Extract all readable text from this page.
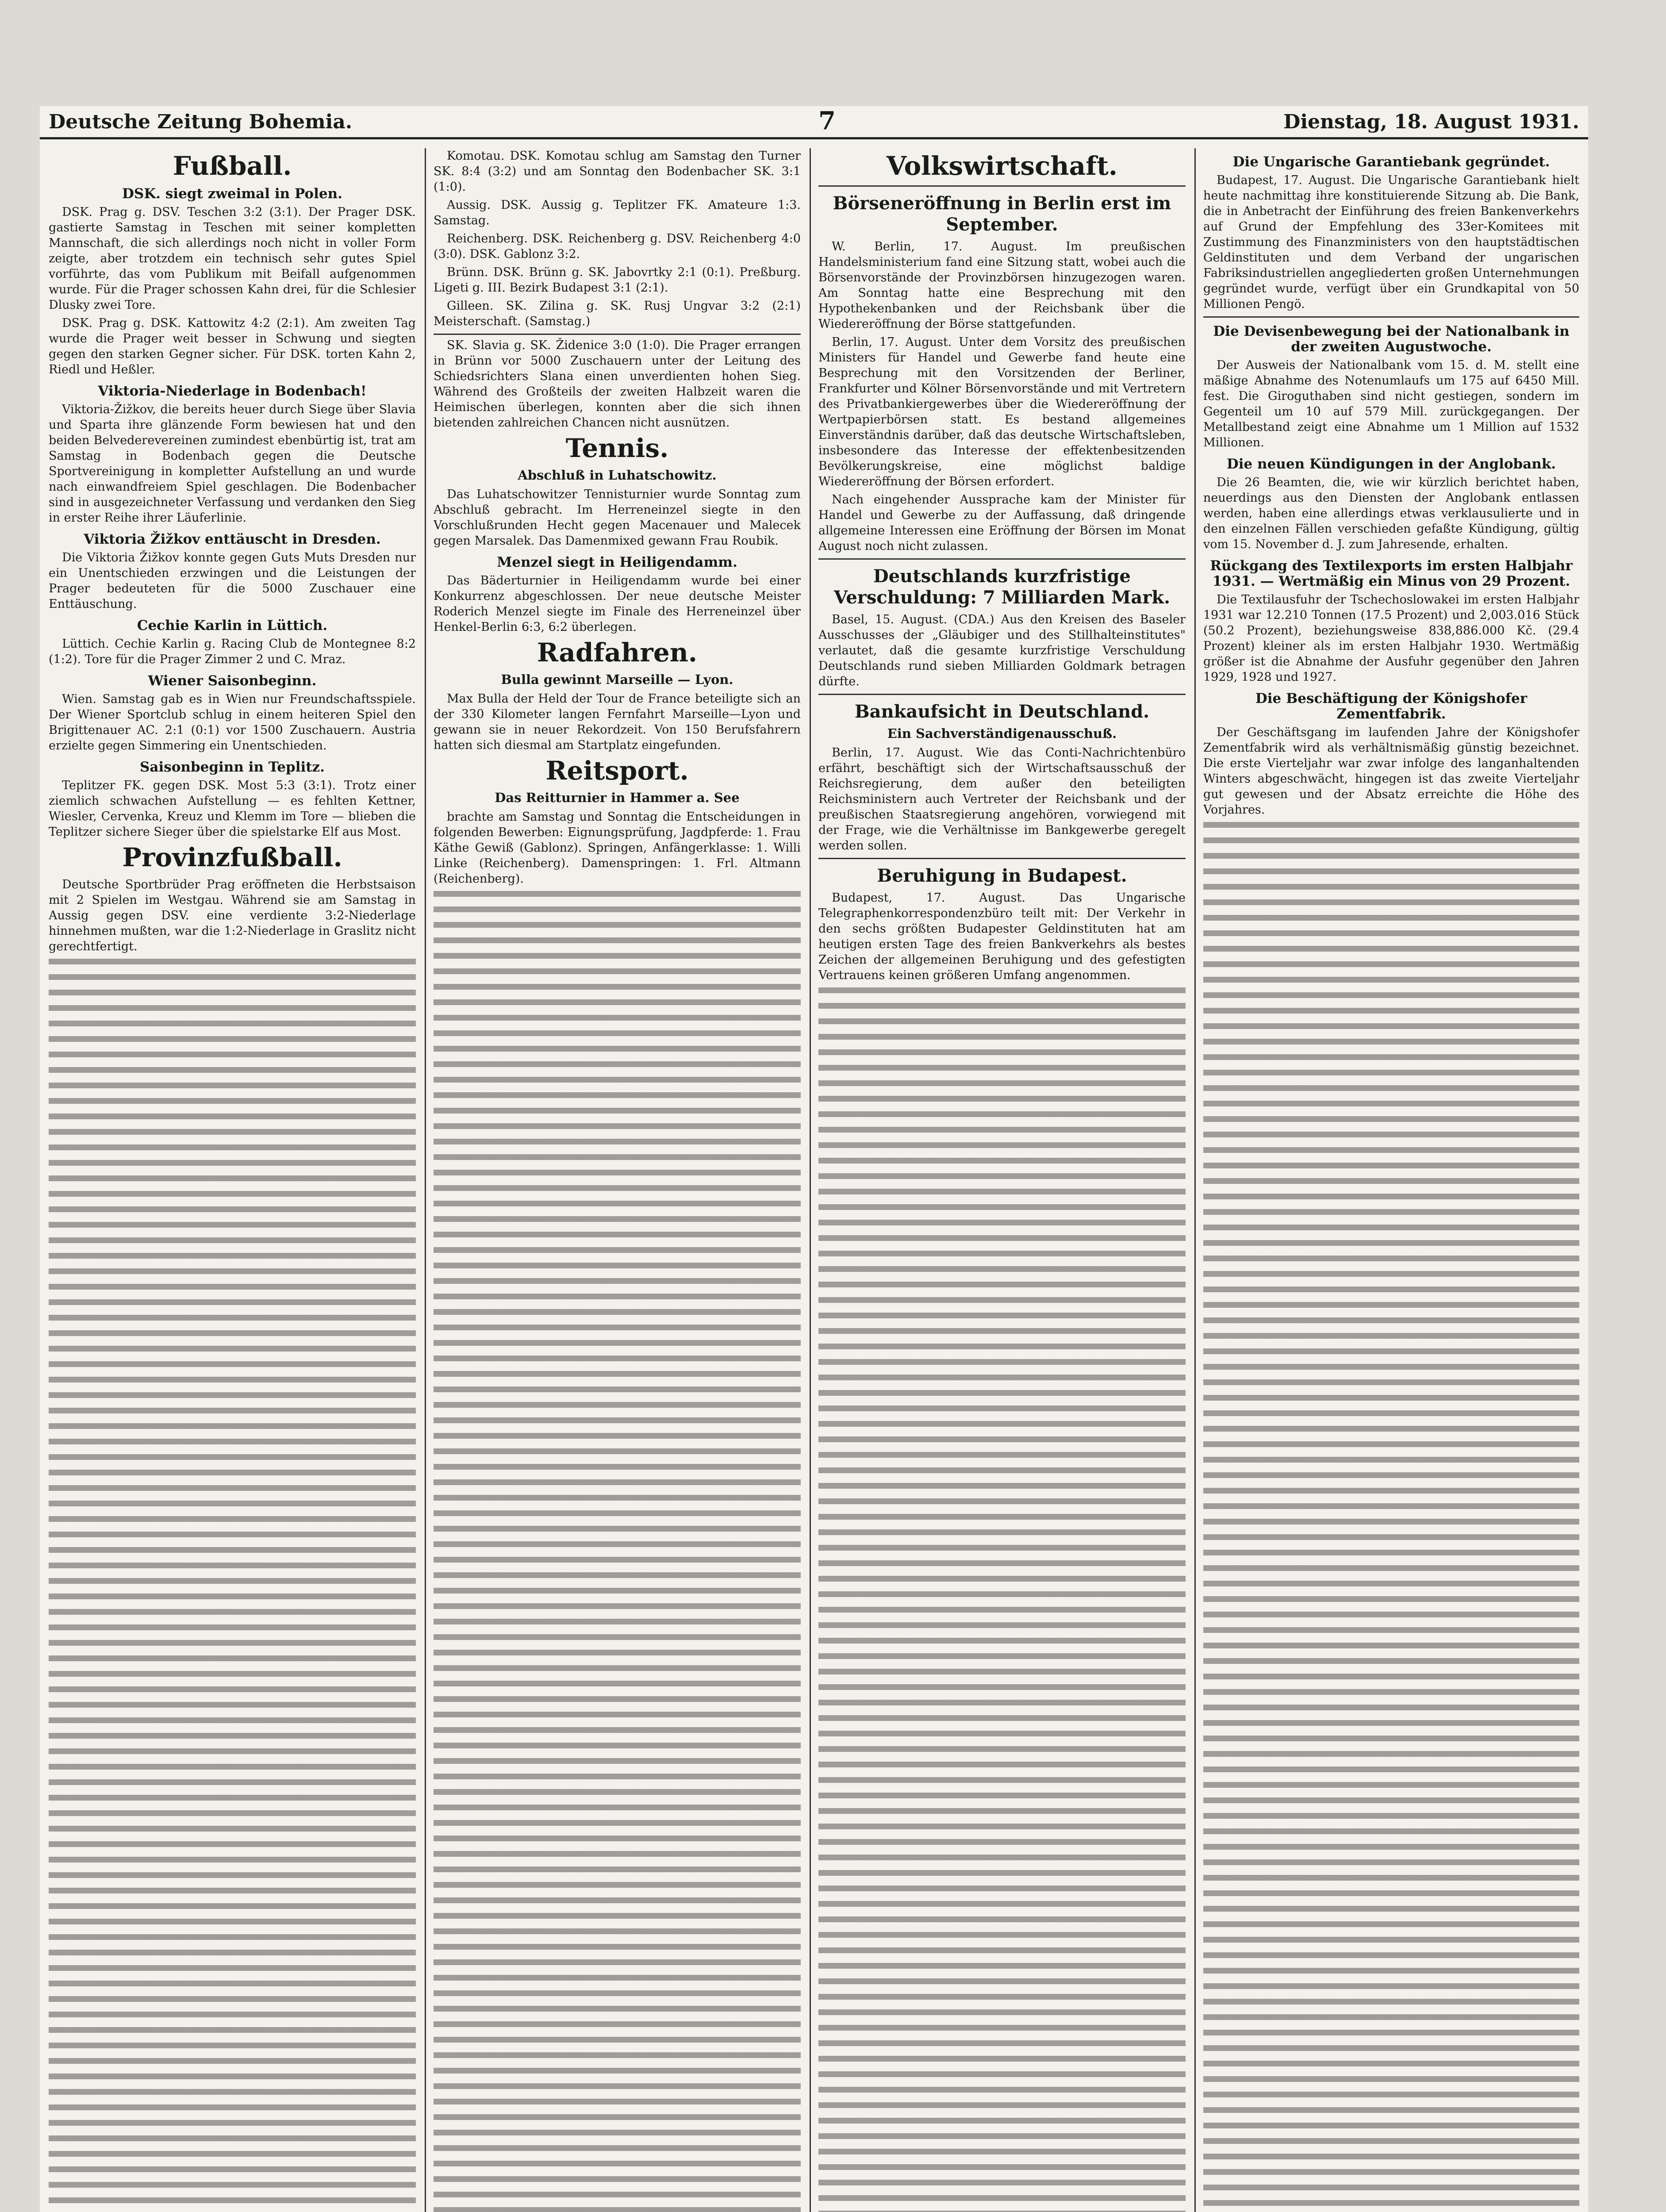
Deutsche Zeitung Bohemia.	7	Dienstag, 18. August 1931.
Fußball.
DSK. siegt zweimal in Polen.

DSK. Prag g. DSV. Teschen 3:2 (3:1). Der Prager DSK. gastierte Samstag in Teschen mit seiner kompletten Mannschaft, die sich allerdings noch nicht in voller Form zeigte, aber trotzdem ein technisch sehr gutes Spiel vorführte, das vom Publikum mit Beifall aufgenommen wurde. Für die Prager schossen Kahn drei, für die Schlesier Dlusky zwei Tore.

DSK. Prag g. DSK. Kattowitz 4:2 (2:1). Am zweiten Tag wurde die Prager weit besser in Schwung und siegten gegen den starken Gegner sicher. Für DSK. torten Kahn 2, Riedl und Heßler.

Viktoria-Niederlage in Bodenbach!

Viktoria-Žižkov, die bereits heuer durch Siege über Slavia und Sparta ihre glänzende Form bewiesen hat und den beiden Belvederevereinen zumindest ebenbürtig ist, trat am Samstag in Bodenbach gegen die Deutsche Sportvereinigung in kompletter Aufstellung an und wurde nach einwandfreiem Spiel geschlagen. Die Bodenbacher sind in ausgezeichneter Verfassung und verdanken den Sieg in erster Reihe ihrer Läuferlinie.

Viktoria Žižkov enttäuscht in Dresden.

Die Viktoria Žižkov konnte gegen Guts Muts Dresden nur ein Unentschieden erzwingen und die Leistungen der Prager bedeuteten für die 5000 Zuschauer eine Enttäuschung.

Cechie Karlin in Lüttich.

Lüttich. Cechie Karlin g. Racing Club de Montegnee 8:2 (1:2). Tore für die Prager Zimmer 2 und C. Mraz.

Wiener Saisonbeginn.

Wien. Samstag gab es in Wien nur Freundschaftsspiele. Der Wiener Sportclub schlug in einem heiteren Spiel den Brigittenauer AC. 2:1 (0:1) vor 1500 Zuschauern. Austria erzielte gegen Simmering ein Unentschieden.

Saisonbeginn in Teplitz.

Teplitzer FK. gegen DSK. Most 5:3 (3:1). Trotz einer ziemlich schwachen Aufstellung — es fehlten Kettner, Wiesler, Cervenka, Kreuz und Klemm im Tore — blieben die Teplitzer sichere Sieger über die spielstarke Elf aus Most.

Provinzfußball.

Deutsche Sportbrüder Prag eröffneten die Herbstsaison mit 2 Spielen im Westgau. Während sie am Samstag in Aussig gegen DSV. eine verdiente 3:2-Niederlage hinnehmen mußten, war die 1:2-Niederlage in Graslitz nicht gerechtfertigt.

Komotau. DSK. Komotau schlug am Samstag den Turner SK. 8:4 (3:2) und am Sonntag den Bodenbacher SK. 3:1 (1:0).

Aussig. DSK. Aussig g. Teplitzer FK. Amateure 1:3. Samstag.

Reichenberg. DSK. Reichenberg g. DSV. Reichenberg 4:0 (3:0). DSK. Gablonz 3:2.

Brünn. DSK. Brünn g. SK. Jabovrtky 2:1 (0:1). Preßburg. Ligeti g. III. Bezirk Budapest 3:1 (2:1).

Gilleen. SK. Zilina g. SK. Rusj Ungvar 3:2 (2:1) Meisterschaft. (Samstag.)

SK. Slavia g. SK. Židenice 3:0 (1:0). Die Prager errangen in Brünn vor 5000 Zuschauern unter der Leitung des Schiedsrichters Slana einen unverdienten hohen Sieg. Während des Großteils der zweiten Halbzeit waren die Heimischen überlegen, konnten aber die sich ihnen bietenden zahlreichen Chancen nicht ausnützen.

Tennis.
Abschluß in Luhatschowitz.

Das Luhatschowitzer Tennisturnier wurde Sonntag zum Abschluß gebracht. Im Herreneinzel siegte in den Vorschlußrunden Hecht gegen Macenauer und Malecek gegen Marsalek. Das Damenmixed gewann Frau Roubik.

Menzel siegt in Heiligendamm.

Das Bäderturnier in Heiligendamm wurde bei einer Konkurrenz abgeschlossen. Der neue deutsche Meister Roderich Menzel siegte im Finale des Herreneinzel über Henkel-Berlin 6:3, 6:2 überlegen.

Radfahren.
Bulla gewinnt Marseille — Lyon.

Max Bulla der Held der Tour de France beteiligte sich an der 330 Kilometer langen Fernfahrt Marseille—Lyon und gewann sie in neuer Rekordzeit. Von 150 Berufsfahrern hatten sich diesmal am Startplatz eingefunden.

Reitsport.
Das Reitturnier in Hammer a. See

brachte am Samstag und Sonntag die Entscheidungen in folgenden Bewerben: Eignungsprüfung, Jagdpferde: 1. Frau Käthe Gewiß (Gablonz). Springen, Anfängerklasse: 1. Willi Linke (Reichenberg). Damenspringen: 1. Frl. Altmann (Reichenberg).

Volkswirtschaft.
Börseneröffnung in Berlin erst im September.

W. Berlin, 17. August. Im preußischen Handelsministerium fand eine Sitzung statt, wobei auch die Börsenvorstände der Provinzbörsen hinzugezogen waren. Am Sonntag hatte eine Besprechung mit den Hypothekenbanken und der Reichsbank über die Wiedereröffnung der Börse stattgefunden.

Berlin, 17. August. Unter dem Vorsitz des preußischen Ministers für Handel und Gewerbe fand heute eine Besprechung mit den Vorsitzenden der Berliner, Frankfurter und Kölner Börsenvorstände und mit Vertretern des Privatbankiergewerbes über die Wiedereröffnung der Wertpapierbörsen statt. Es bestand allgemeines Einverständnis darüber, daß das deutsche Wirtschaftsleben, insbesondere das Interesse der effektenbesitzenden Bevölkerungskreise, eine möglichst baldige Wiedereröffnung der Börsen erfordert.

Nach eingehender Aussprache kam der Minister für Handel und Gewerbe zu der Auffassung, daß dringende allgemeine Interessen eine Eröffnung der Börsen im Monat August noch nicht zulassen.

Deutschlands kurzfristige Verschuldung: 7 Milliarden Mark.

Basel, 15. August. (CDA.) Aus den Kreisen des Baseler Ausschusses der „Gläubiger und des Stillhalteinstitutes" verlautet, daß die gesamte kurzfristige Verschuldung Deutschlands rund sieben Milliarden Goldmark betragen dürfte.

Bankaufsicht in Deutschland.
Ein Sachverständigenausschuß.

Berlin, 17. August. Wie das Conti-Nachrichtenbüro erfährt, beschäftigt sich der Wirtschaftsausschuß der Reichsregierung, dem außer den beteiligten Reichsministern auch Vertreter der Reichsbank und der preußischen Staatsregierung angehören, vorwiegend mit der Frage, wie die Verhältnisse im Bankgewerbe geregelt werden sollen.

Beruhigung in Budapest.

Budapest, 17. August. Das Ungarische Telegraphenkorrespondenzbüro teilt mit: Der Verkehr in den sechs größten Budapester Geldinstituten hat am heutigen ersten Tage des freien Bankverkehrs als bestes Zeichen der allgemeinen Beruhigung und des gefestigten Vertrauens keinen größeren Umfang angenommen.

Die Ungarische Garantiebank gegründet.

Budapest, 17. August. Die Ungarische Garantiebank hielt heute nachmittag ihre konstituierende Sitzung ab. Die Bank, die in Anbetracht der Einführung des freien Bankenverkehrs auf Grund der Empfehlung des 33er-Komitees mit Zustimmung des Finanzministers von den hauptstädtischen Geldinstituten und dem Verband der ungarischen Fabriksindustriellen angegliederten großen Unternehmungen gegründet wurde, verfügt über ein Grundkapital von 50 Millionen Pengö.

Die Devisenbewegung bei der Nationalbank in der zweiten Augustwoche.

Der Ausweis der Nationalbank vom 15. d. M. stellt eine mäßige Abnahme des Notenumlaufs um 175 auf 6450 Mill. fest. Die Giroguthaben sind nicht gestiegen, sondern im Gegenteil um 10 auf 579 Mill. zurückgegangen. Der Metallbestand zeigt eine Abnahme um 1 Million auf 1532 Millionen.

Die neuen Kündigungen in der Anglobank.

Die 26 Beamten, die, wie wir kürzlich berichtet haben, neuerdings aus den Diensten der Anglobank entlassen werden, haben eine allerdings etwas verklausulierte und in den einzelnen Fällen verschieden gefaßte Kündigung, gültig vom 15. November d. J. zum Jahresende, erhalten.

Rückgang des Textilexports im ersten Halbjahr 1931. — Wertmäßig ein Minus von 29 Prozent.

Die Textilausfuhr der Tschechoslowakei im ersten Halbjahr 1931 war 12.210 Tonnen (17.5 Prozent) und 2,003.016 Stück (50.2 Prozent), beziehungsweise 838,886.000 Kč. (29.4 Prozent) kleiner als im ersten Halbjahr 1930. Wertmäßig größer ist die Abnahme der Ausfuhr gegenüber den Jahren 1929, 1928 und 1927.

Die Beschäftigung der Königshofer Zementfabrik.

Der Geschäftsgang im laufenden Jahre der Königshofer Zementfabrik wird als verhältnismäßig günstig bezeichnet. Die erste Vierteljahr war zwar infolge des langanhaltenden Winters abgeschwächt, hingegen ist das zweite Vierteljahr gut gewesen und der Absatz erreichte die Höhe des Vorjahres.
